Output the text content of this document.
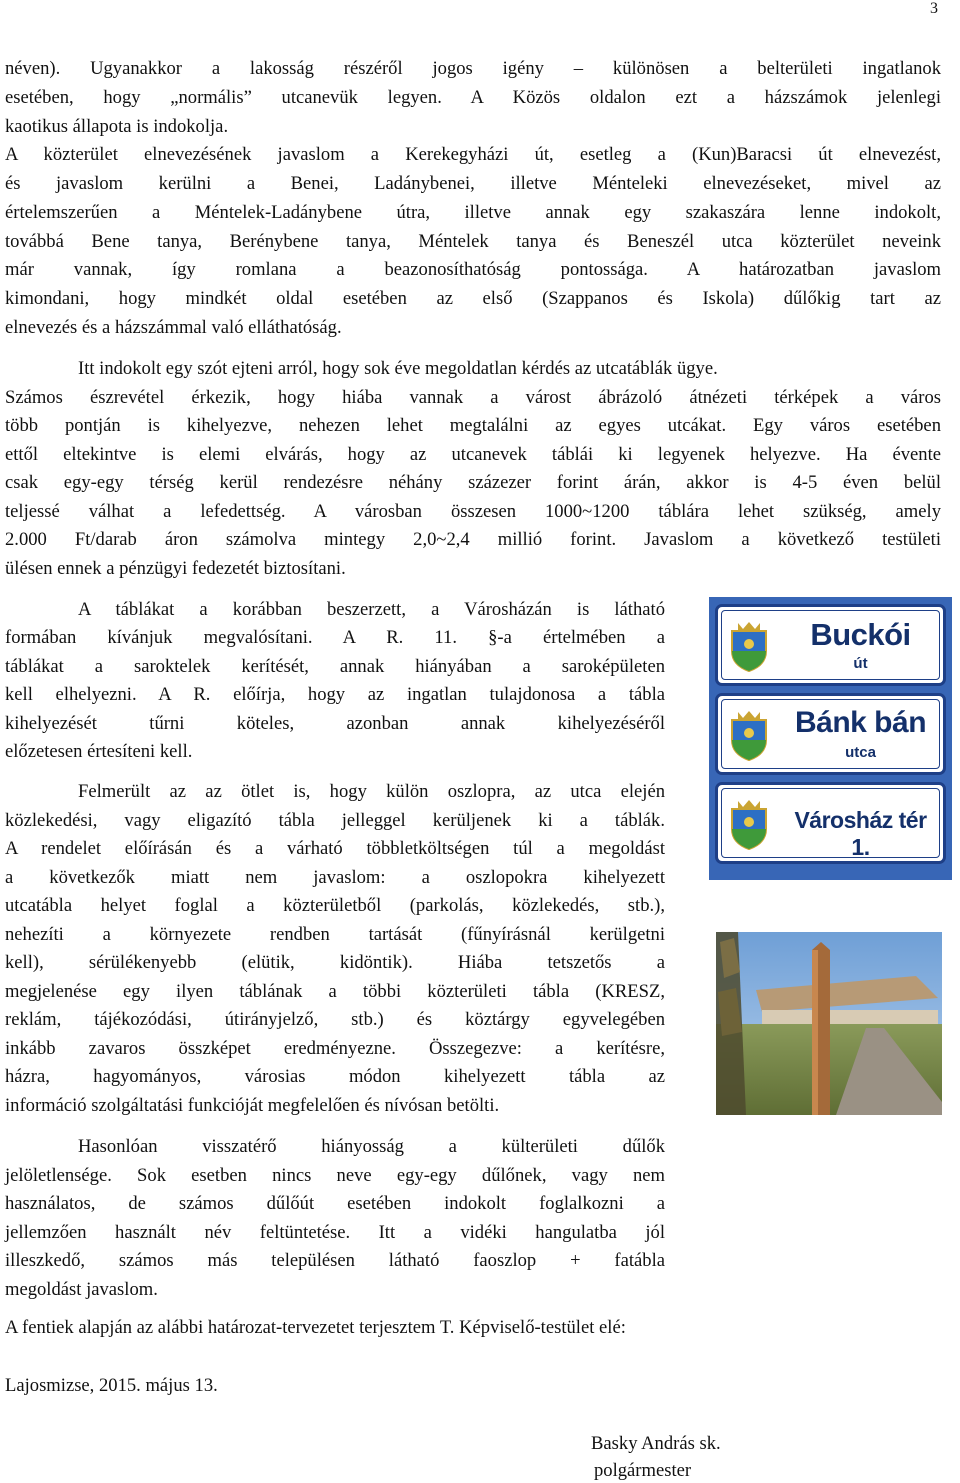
3
néven). Ugyanakkor a lakosság részéről jogos igény – különösen a belterületi ingatlanok
esetében, hogy „normális” utcanevük legyen. A Közös oldalon ezt a házszámok jelenlegi
kaotikus állapota is indokolja.
A közterület elnevezésének javaslom a Kerekegyházi út, esetleg a (Kun)Baracsi út elnevezést,
és javaslom kerülni a Benei, Ladánybenei, illetve Ménteleki elnevezéseket, mivel az
értelemszerűen a Méntelek-Ladánybene útra, illetve annak egy szakaszára lenne indokolt,
továbbá Bene tanya, Berénybene tanya, Méntelek tanya és Beneszél utca közterület neveink
már vannak, így romlana a beazonosíthatóság pontossága. A határozatban javaslom
kimondani, hogy mindkét oldal esetében az első (Szappanos és Iskola) dűlőkig tart az
elnevezés és a házszámmal való elláthatóság.
Itt indokolt egy szót ejteni arról, hogy sok éve megoldatlan kérdés az utcatáblák ügye.
Számos észrevétel érkezik, hogy hiába vannak a várost ábrázoló átnézeti térképek a város
több pontján is kihelyezve, nehezen lehet megtalálni az egyes utcákat. Egy város esetében
ettől eltekintve is elemi elvárás, hogy az utcanevek táblái ki legyenek helyezve. Ha évente
csak egy-egy térség kerül rendezésre néhány százezer forint árán, akkor is 4-5 éven belül
teljessé válhat a lefedettség. A városban összesen 1000~1200 táblára lehet szükség, amely
2.000 Ft/darab áron számolva mintegy 2,0~2,4 millió forint. Javaslom a következő testületi
ülésen ennek a pénzügyi fedezetét biztosítani.
A táblákat a korábban beszerzett, a Városházán is látható
formában kívánjuk megvalósítani. A R. 11. §-a értelmében a
táblákat a saroktelek kerítését, annak hiányában a saroképületen
kell elhelyezni. A R. előírja, hogy az ingatlan tulajdonosa a tábla
kihelyezését tűrni köteles, azonban annak kihelyezéséről
előzetesen értesíteni kell.
Buckói
út
Bánk bán
utca
Városház tér 1.
Felmerült az az ötlet is, hogy külön oszlopra, az utca elején
közlekedési, vagy eligazító tábla jelleggel kerüljenek ki a táblák.
A rendelet előírásán és a várható többletköltségen túl a megoldást
a következők miatt nem javaslom: a oszlopokra kihelyezett
utcatábla helyet foglal a közterületből (parkolás, közlekedés, stb.),
nehezíti a környezete rendben tartását (fűnyírásnál kerülgetni
kell), sérülékenyebb (elütik, kidöntik). Hiába tetszetős a
megjelenése egy ilyen táblának a többi közterületi tábla (KRESZ,
reklám, tájékozódási, útirányjelző, stb.) és köztárgy egyvelegében
inkább zavaros összképet eredményezne. Összegezve: a kerítésre,
házra, hagyományos, városias módon kihelyezett tábla az
információ szolgáltatási funkcióját megfelelően és nívósan betölti.
Hasonlóan visszatérő hiányosság a külterületi dűlők
jelöletlensége. Sok esetben nincs neve egy-egy dűlőnek, vagy nem
használatos, de számos dűlőút esetében indokolt foglalkozni a
jellemzően használt név feltüntetése. Itt a vidéki hangulatba jól
illeszkedő, számos más településen látható faoszlop + fatábla
megoldást javaslom.
A fentiek alapján az alábbi határozat-tervezetet terjesztem T. Képviselő-testület elé:
Lajosmizse, 2015. május 13.
Basky András sk.
polgármester
